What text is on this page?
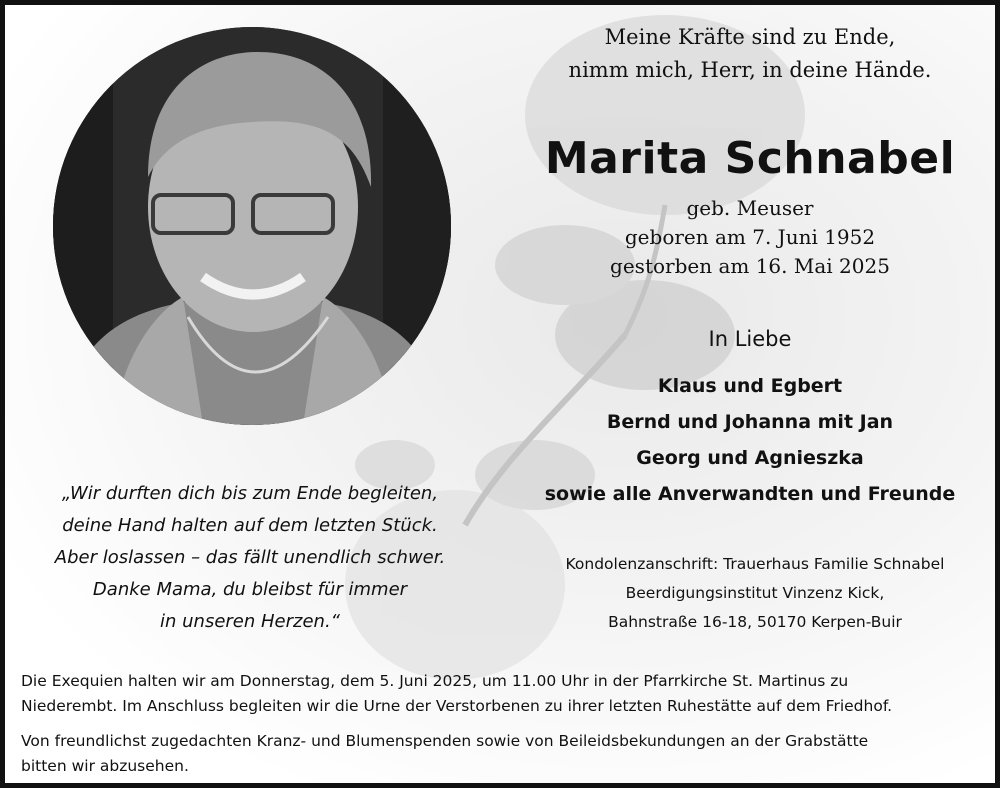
Meine Kräfte sind zu Ende,
nimm mich, Herr, in deine Hände.
Marita Schnabel
geb. Meuser
geboren am 7. Juni 1952
gestorben am 16. Mai 2025
In Liebe
Klaus und Egbert
Bernd und Johanna mit Jan
Georg und Agnieszka
sowie alle Anverwandten und Freunde
„Wir durften dich bis zum Ende begleiten,
deine Hand halten auf dem letzten Stück.
Aber loslassen – das fällt unendlich schwer.
Danke Mama, du bleibst für immer
in unseren Herzen.“
Kondolenzanschrift: Trauerhaus Familie Schnabel
Beerdigungsinstitut Vinzenz Kick,
Bahnstraße 16-18, 50170 Kerpen-Buir
Die Exequien halten wir am Donnerstag, dem 5. Juni 2025, um 11.00 Uhr in der Pfarrkirche St. Martinus zu
Niederembt. Im Anschluss begleiten wir die Urne der Verstorbenen zu ihrer letzten Ruhestätte auf dem Friedhof.
Von freundlichst zugedachten Kranz- und Blumenspenden sowie von Beileidsbekundungen an der Grabstätte
bitten wir abzusehen.
